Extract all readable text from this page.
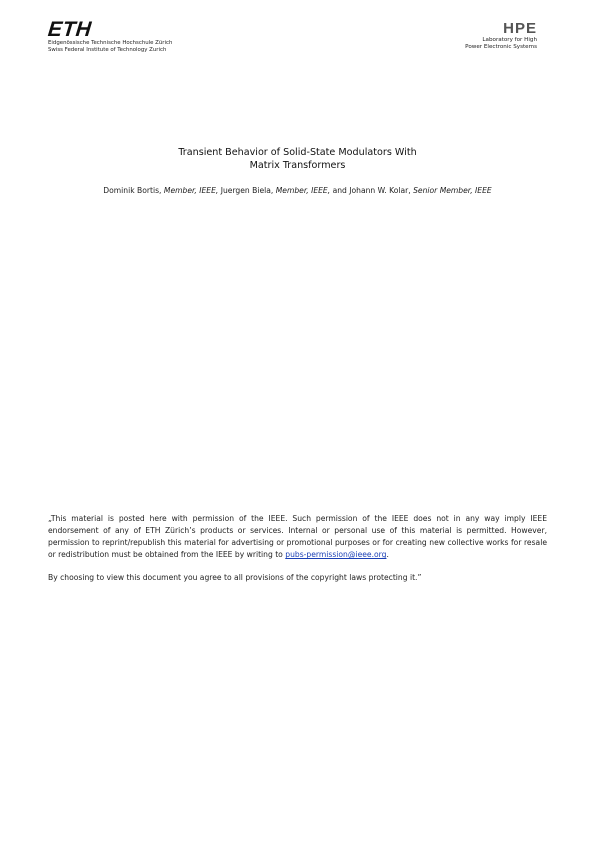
ETH
Eidgenössische Technische Hochschule Zürich
Swiss Federal Institute of Technology Zurich
HPE
Laboratory for High
Power Electronic Systems
Transient Behavior of Solid-State Modulators With
Matrix Transformers
Dominik Bortis, Member, IEEE, Juergen Biela, Member, IEEE, and Johann W. Kolar, Senior Member, IEEE

„This material is posted here with permission of the IEEE. Such permission of the IEEE does not in any way imply IEEE endorsement of any of ETH Zürich’s products or services. Internal or personal use of this material is permitted. However, permission to reprint/republish this material for advertising or promotional purposes or for creating new collective works for resale or redistribution must be obtained from the IEEE by writing to pubs-permission@ieee.org.

By choosing to view this document you agree to all provisions of the copyright laws protecting it.”
